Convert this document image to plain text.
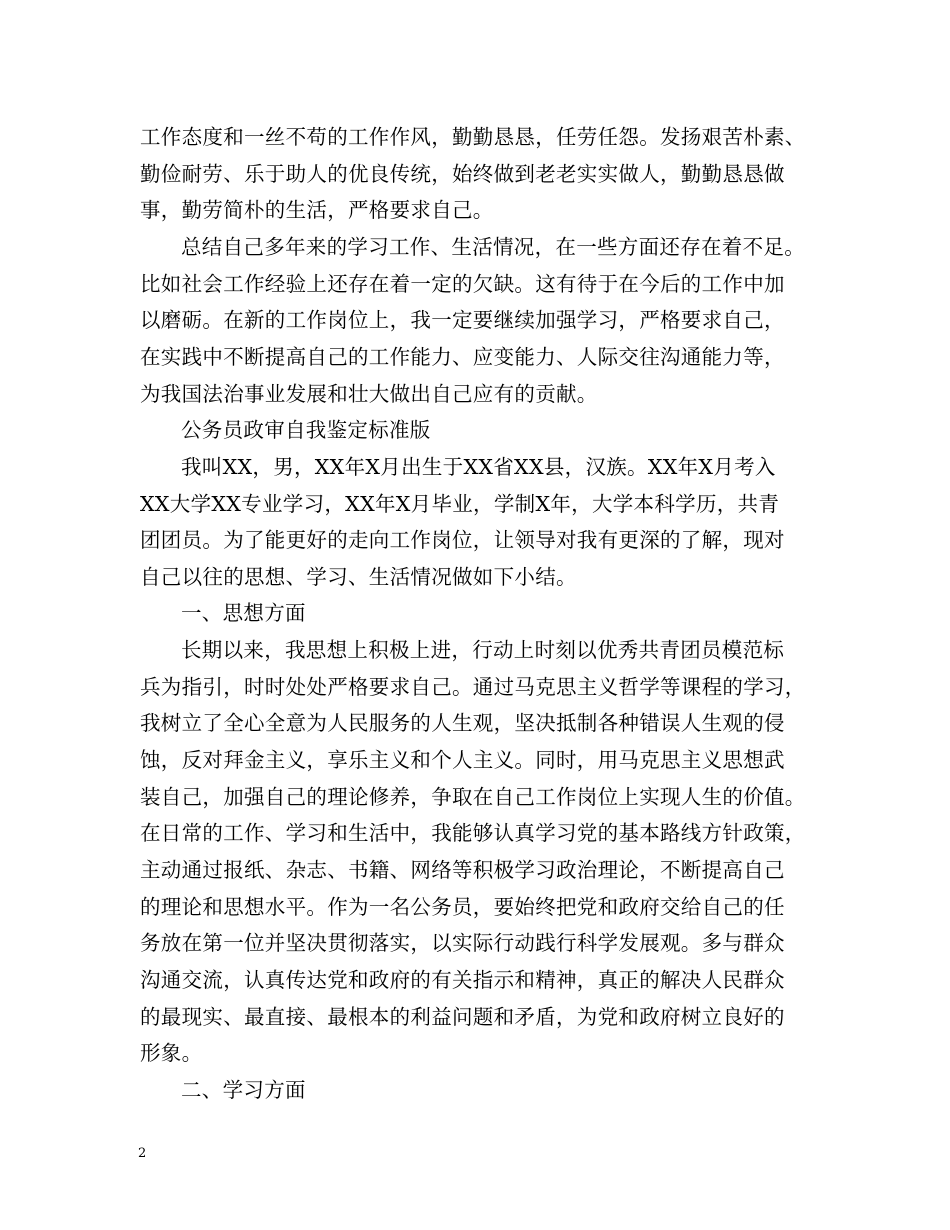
工作态度和一丝不苟的工作作风，勤勤恳恳，任劳任怨。发扬艰苦朴素、
勤俭耐劳、乐于助人的优良传统，始终做到老老实实做人，勤勤恳恳做
事，勤劳简朴的生活，严格要求自己。
总结自己多年来的学习工作、生活情况，在一些方面还存在着不足。
比如社会工作经验上还存在着一定的欠缺。这有待于在今后的工作中加
以磨砺。在新的工作岗位上，我一定要继续加强学习，严格要求自己，
在实践中不断提高自己的工作能力、应变能力、人际交往沟通能力等，
为我国法治事业发展和壮大做出自己应有的贡献。
公务员政审自我鉴定标准版
我叫XX，男，XX年X月出生于XX省XX县，汉族。XX年X月考入
XX大学XX专业学习，XX年X月毕业，学制X年，大学本科学历，共青
团团员。为了能更好的走向工作岗位，让领导对我有更深的了解，现对
自己以往的思想、学习、生活情况做如下小结。
一、思想方面
长期以来，我思想上积极上进，行动上时刻以优秀共青团员模范标
兵为指引，时时处处严格要求自己。通过马克思主义哲学等课程的学习，
我树立了全心全意为人民服务的人生观，坚决抵制各种错误人生观的侵
蚀，反对拜金主义，享乐主义和个人主义。同时，用马克思主义思想武
装自己，加强自己的理论修养，争取在自己工作岗位上实现人生的价值。
在日常的工作、学习和生活中，我能够认真学习党的基本路线方针政策，
主动通过报纸、杂志、书籍、网络等积极学习政治理论，不断提高自己
的理论和思想水平。作为一名公务员，要始终把党和政府交给自己的任
务放在第一位并坚决贯彻落实，以实际行动践行科学发展观。多与群众
沟通交流，认真传达党和政府的有关指示和精神，真正的解决人民群众
的最现实、最直接、最根本的利益问题和矛盾，为党和政府树立良好的
形象。
二、学习方面
2
